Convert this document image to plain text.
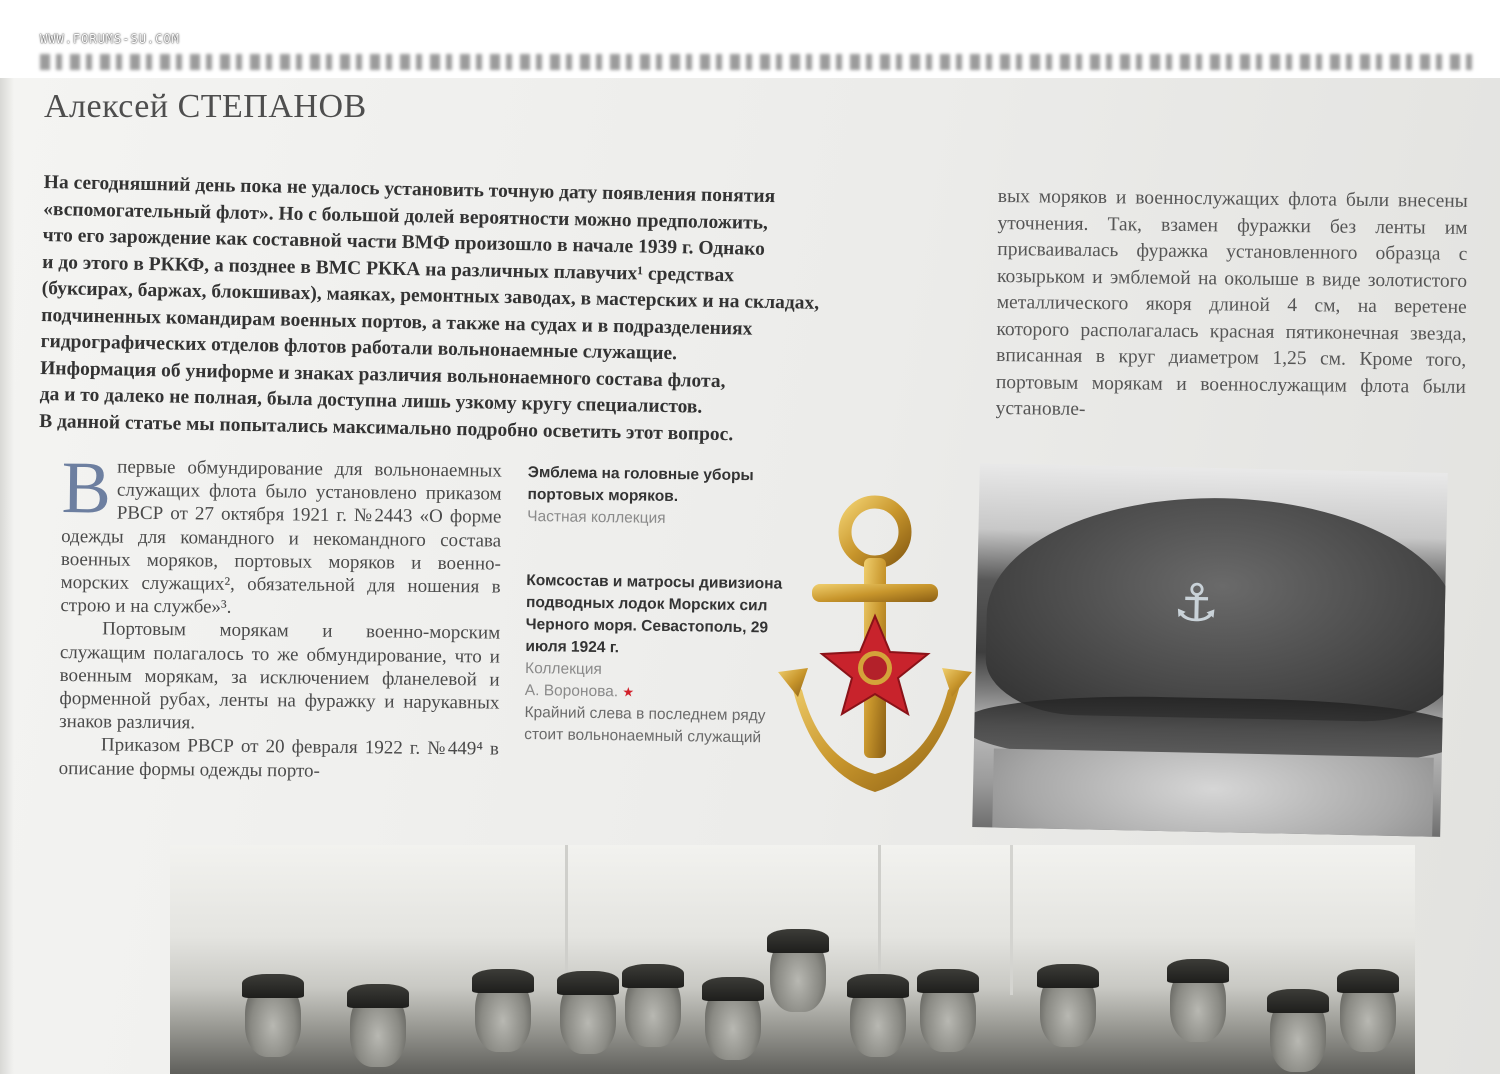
WWW.FORUMS-SU.COM
Алексей СТЕПАНОВ

На сегодняшний день пока не удалось установить точную дату появления понятия

«вспомогательный флот». Но с большой долей вероятности можно предположить,

что его зарождение как составной части ВМФ произошло в начале 1939 г. Однако

и до этого в РККФ, а позднее в ВМС РККА на различных плавучих¹ средствах

(буксирах, баржах, блокшивах), маяках, ремонтных заводах, в мастерских и на складах,

подчиненных командирам военных портов, а также на судах и в подразделениях

гидрографических отделов флотов работали вольнонаемные служащие.

Информация об униформе и знаках различия вольнонаемного состава флота,

да и то далеко не полная, была доступна лишь узкому кругу специалистов.

В данной статье мы попытались максимально подробно осветить этот вопрос.

вых моряков и военнослужащих флота были внесены уточнения. Так, взамен фуражки без ленты им присваивалась фуражка установленного образца с козырьком и эмблемой на околыше в виде золотистого металлического якоря длиной 4 см, на веретене которого располагалась красная пятиконечная звезда, вписанная в круг диаметром 1,25 см. Кроме того, портовым морякам и военнослужащим флота были установле-

Впервые обмундирование для вольнонаемных служащих флота было установлено приказом РВСР от 27 октября 1921 г. №2443 «О форме одежды для командного и некомандного состава военных моряков, портовых моряков и военно-морских служащих², обязательной для ношения в строю и на службе»³.

Портовым морякам и военно-морским служащим полагалось то же обмундирование, что и военным морякам, за исключением фланелевой и форменной рубах, ленты на фуражку и нарукавных знаков различия.

Приказом РВСР от 20 февраля 1922 г. №449⁴ в описание формы одежды порто-

Эмблема на головные уборы портовых моряков.
Частная коллекция
Комсостав и матросы дивизиона подводных лодок Морских сил Черного моря. Севастополь, 29 июля 1924 г.
Коллекция
А. Воронова. ★
Крайний слева в последнем ряду стоит вольнонаемный служащий
⚓
